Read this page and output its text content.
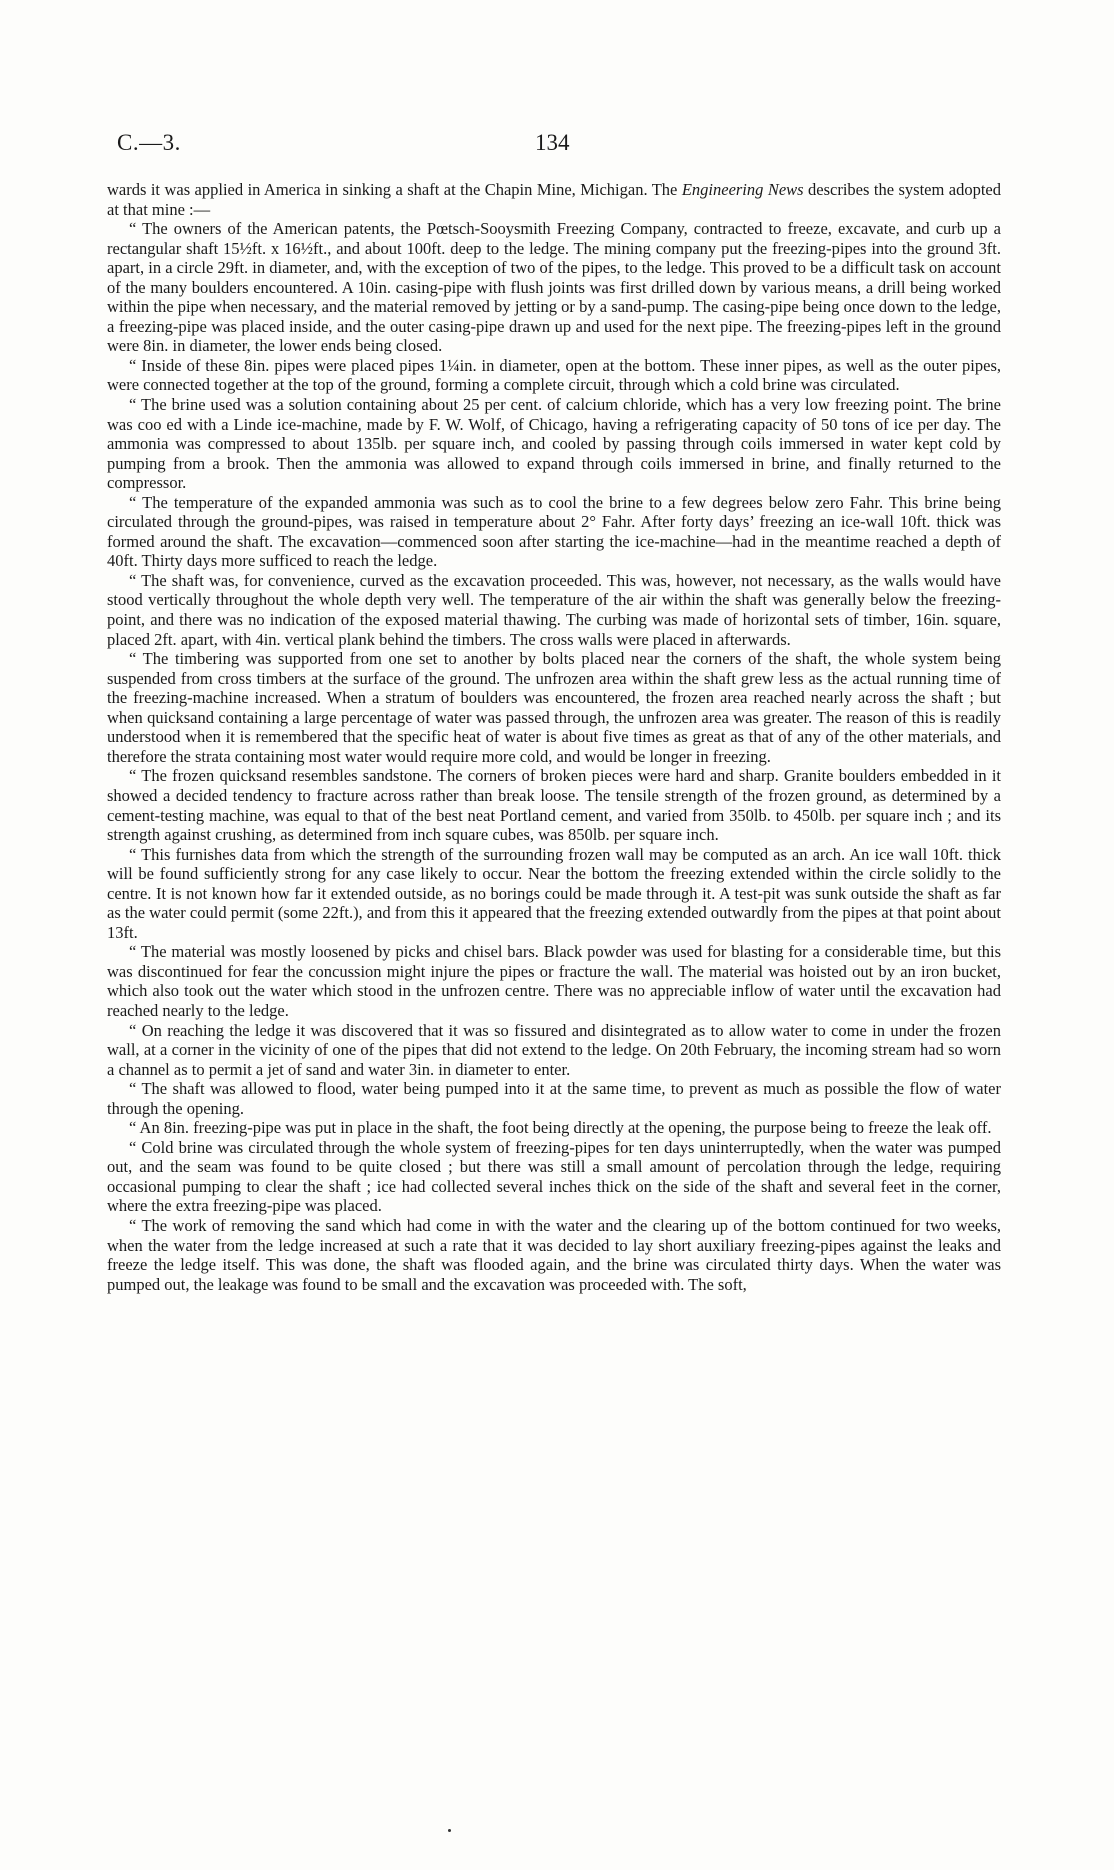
C.—3.	134

wards it was applied in America in sinking a shaft at the Chapin Mine, Michigan. The Engineering News describes the system adopted at that mine :—

“ The owners of the American patents, the Pœtsch-Sooysmith Freezing Company, contracted to freeze, excavate, and curb up a rectangular shaft 15½ft. x 16½ft., and about 100ft. deep to the ledge. The mining company put the freezing-pipes into the ground 3ft. apart, in a circle 29ft. in diameter, and, with the exception of two of the pipes, to the ledge. This proved to be a difficult task on account of the many boulders encountered. A 10in. casing-pipe with flush joints was first drilled down by various means, a drill being worked within the pipe when necessary, and the material removed by jetting or by a sand-pump. The casing-pipe being once down to the ledge, a freezing-pipe was placed inside, and the outer casing-pipe drawn up and used for the next pipe. The freezing-pipes left in the ground were 8in. in diameter, the lower ends being closed.

“ Inside of these 8in. pipes were placed pipes 1¼in. in diameter, open at the bottom. These inner pipes, as well as the outer pipes, were connected together at the top of the ground, forming a complete circuit, through which a cold brine was circulated.

“ The brine used was a solution containing about 25 per cent. of calcium chloride, which has a very low freezing point. The brine was coo ed with a Linde ice-machine, made by F. W. Wolf, of Chicago, having a refrigerating capacity of 50 tons of ice per day. The ammonia was compressed to about 135lb. per square inch, and cooled by passing through coils immersed in water kept cold by pumping from a brook. Then the ammonia was allowed to expand through coils immersed in brine, and finally returned to the compressor.

“ The temperature of the expanded ammonia was such as to cool the brine to a few degrees below zero Fahr. This brine being circulated through the ground-pipes, was raised in temperature about 2° Fahr. After forty days’ freezing an ice-wall 10ft. thick was formed around the shaft. The excavation—commenced soon after starting the ice-machine—had in the meantime reached a depth of 40ft. Thirty days more sufficed to reach the ledge.

“ The shaft was, for convenience, curved as the excavation proceeded. This was, however, not necessary, as the walls would have stood vertically throughout the whole depth very well. The temperature of the air within the shaft was generally below the freezing-point, and there was no indication of the exposed material thawing. The curbing was made of horizontal sets of timber, 16in. square, placed 2ft. apart, with 4in. vertical plank behind the timbers. The cross walls were placed in afterwards.

“ The timbering was supported from one set to another by bolts placed near the corners of the shaft, the whole system being suspended from cross timbers at the surface of the ground. The unfrozen area within the shaft grew less as the actual running time of the freezing-machine increased. When a stratum of boulders was encountered, the frozen area reached nearly across the shaft ; but when quicksand containing a large percentage of water was passed through, the unfrozen area was greater. The reason of this is readily understood when it is remembered that the specific heat of water is about five times as great as that of any of the other materials, and therefore the strata containing most water would require more cold, and would be longer in freezing.

“ The frozen quicksand resembles sandstone. The corners of broken pieces were hard and sharp. Granite boulders embedded in it showed a decided tendency to fracture across rather than break loose. The tensile strength of the frozen ground, as determined by a cement-testing machine, was equal to that of the best neat Portland cement, and varied from 350lb. to 450lb. per square inch ; and its strength against crushing, as determined from inch square cubes, was 850lb. per square inch.

“ This furnishes data from which the strength of the surrounding frozen wall may be computed as an arch. An ice wall 10ft. thick will be found sufficiently strong for any case likely to occur. Near the bottom the freezing extended within the circle solidly to the centre. It is not known how far it extended outside, as no borings could be made through it. A test-pit was sunk outside the shaft as far as the water could permit (some 22ft.), and from this it appeared that the freezing extended outwardly from the pipes at that point about 13ft.

“ The material was mostly loosened by picks and chisel bars. Black powder was used for blasting for a considerable time, but this was discontinued for fear the concussion might injure the pipes or fracture the wall. The material was hoisted out by an iron bucket, which also took out the water which stood in the unfrozen centre. There was no appreciable inflow of water until the excavation had reached nearly to the ledge.

“ On reaching the ledge it was discovered that it was so fissured and disintegrated as to allow water to come in under the frozen wall, at a corner in the vicinity of one of the pipes that did not extend to the ledge. On 20th February, the incoming stream had so worn a channel as to permit a jet of sand and water 3in. in diameter to enter.

“ The shaft was allowed to flood, water being pumped into it at the same time, to prevent as much as possible the flow of water through the opening.

“ An 8in. freezing-pipe was put in place in the shaft, the foot being directly at the opening, the purpose being to freeze the leak off.

“ Cold brine was circulated through the whole system of freezing-pipes for ten days uninterruptedly, when the water was pumped out, and the seam was found to be quite closed ; but there was still a small amount of percolation through the ledge, requiring occasional pumping to clear the shaft ; ice had collected several inches thick on the side of the shaft and several feet in the corner, where the extra freezing-pipe was placed.

“ The work of removing the sand which had come in with the water and the clearing up of the bottom continued for two weeks, when the water from the ledge increased at such a rate that it was decided to lay short auxiliary freezing-pipes against the leaks and freeze the ledge itself. This was done, the shaft was flooded again, and the brine was circulated thirty days. When the water was pumped out, the leakage was found to be small and the excavation was proceeded with. The soft,
